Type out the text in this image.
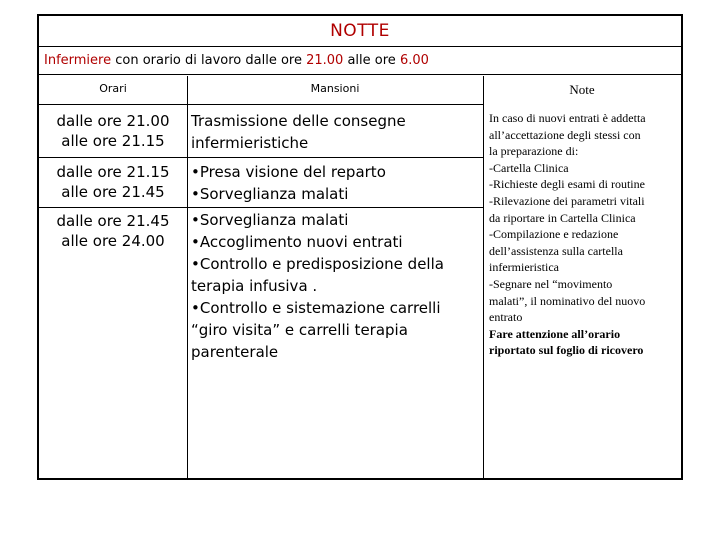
NOTTE
Infermiere con orario di lavoro dalle ore 21.00 alle ore 6.00
Orari	Mansioni	Note
dalle ore 21.00
alle ore 21.15
Trasmissione delle consegne
infermieristiche
dalle ore 21.15
alle ore 21.45
•Presa visione del reparto
•Sorveglianza malati
dalle ore 21.45
alle ore 24.00
•Sorveglianza malati
•Accoglimento nuovi entrati
•Controllo e predisposizione della
terapia infusiva .
•Controllo e sistemazione carrelli
“giro visita” e carrelli terapia
parenterale
In caso di nuovi entrati è addetta
all’accettazione degli stessi con
la preparazione di:
-Cartella Clinica
-Richieste degli esami di routine
-Rilevazione dei parametri vitali
da riportare in Cartella Clinica
-Compilazione e redazione
dell’assistenza sulla cartella
infermieristica
-Segnare nel “movimento
malati”, il nominativo del nuovo
entrato
Fare attenzione all’orario
riportato sul foglio di ricovero
